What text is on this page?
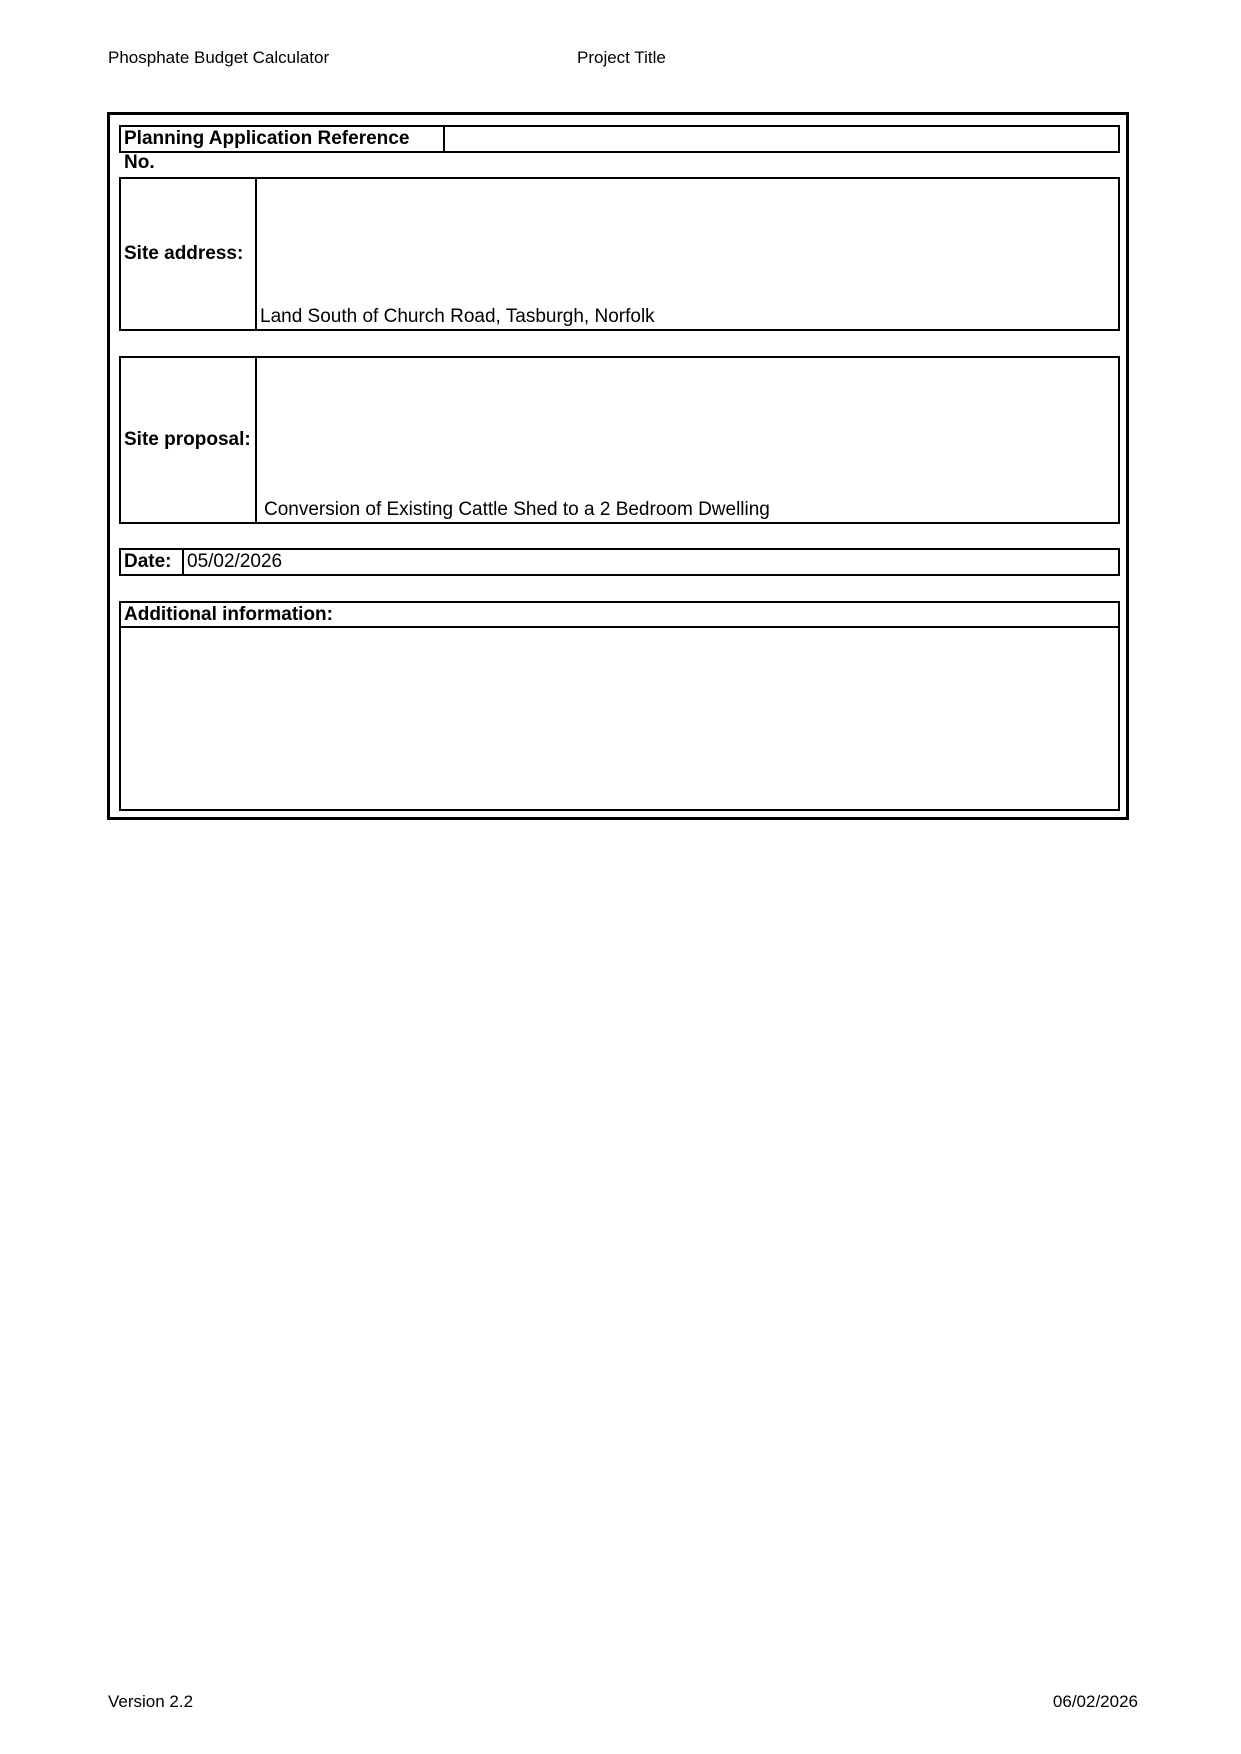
Phosphate Budget Calculator	Project Title
Planning Application Reference No.
Site address:
Land South of Church Road, Tasburgh, Norfolk
Site proposal:
Conversion of Existing Cattle Shed to a 2 Bedroom Dwelling
Date: 05/02/2026
Additional information:
Version 2.2	06/02/2026
